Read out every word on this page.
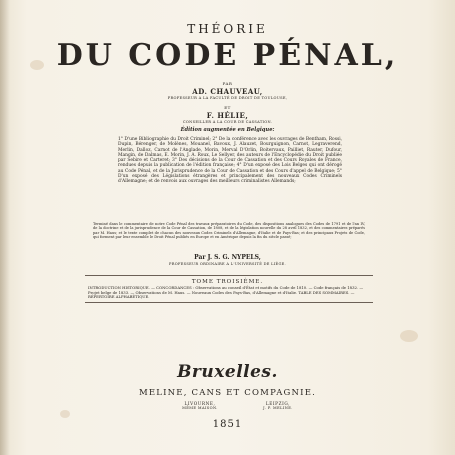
THÉORIE
DU CODE PÉNAL,
PAR
AD. CHAUVEAU,
PROFESSEUR A LA FACULTÉ DE DROIT DE TOULOUSE,
ET
F. HÉLIE,
CONSEILLER A LA COUR DE CASSATION.
Édition augmentée en Belgique:
1° D'une Bibliographie du Droit Criminel; 2° De la conférence avec les ouvrages de Bentham, Rossi, Dupin, Bérenger, de Molènes, Mouanel, Bavoux, J. Alauzet, Bourguignon, Carnot, Legraverend, Merlin, Dalloz, Carnot de l'Anglade, Morin, Merval D'Orlin, Boitervaux, Pailliet, Rauter, Dufour, Mangin, de Dalmas, E. Morin, J. A. Roux, Le Sellyer, des auteurs de l'Encyclopédie du Droit publiée par Sebire et Carteret; 3° Des décisions de la Cour de Cassation et des Cours Royales de France, rendues depuis la publication de l'édition française; 4° D'un exposé des Lois Belges qui ont dérogé au Code Pénal, et de la Jurisprudence de la Cour de Cassation et des Cours d'appel de Belgique; 5° D'un exposé des Législations étrangères et principalement des nouveaux Codes Criminels d'Allemagne; et de renvois aux ouvrages des meilleurs criminalistes Allemands;
Terminé dans le commentaire de notre Code Pénal des travaux préparatoires du Code, des dispositions analogues des Codes de 1791 et de l'an IV, de la doctrine et de la jurisprudence de la Cour de Cassation, de 1808, et de la législation nouvelle du 28 avril 1832, et des commentaires préparés par M. Haus; et le texte complet de chacun des nouveaux Codes Criminels d'Allemagne, d'Italie et de Pays-Bas; et des principaux Projets de Code, qui forment par leur ensemble le Droit Pénal publiés en Europe et en Amérique depuis la fin du siècle passé;
Par J. S. G. NYPELS,
PROFESSEUR ORDINAIRE A L'UNIVERSITÉ DE LIÉGE.
TOME TROISIÈME.
INTRODUCTION HISTORIQUE. — CONCORDANCES : Observations au conseil d'État et motifs du Code de 1810. — Code français de 1832. — Projet belge de 1833. — Observations de M. Haus. — Nouveaux Codes des Pays-Bas, d'Allemagne et d'Italie. TABLE DES SOMMAIRES. — RÉPERTOIRE ALPHABÉTIQUE.
Bruxelles.
MELINE, CANS ET COMPAGNIE.
LIVOURNE,
MÊME MAISON.
LEIPZIG,
J. P. MELINE.
1851
